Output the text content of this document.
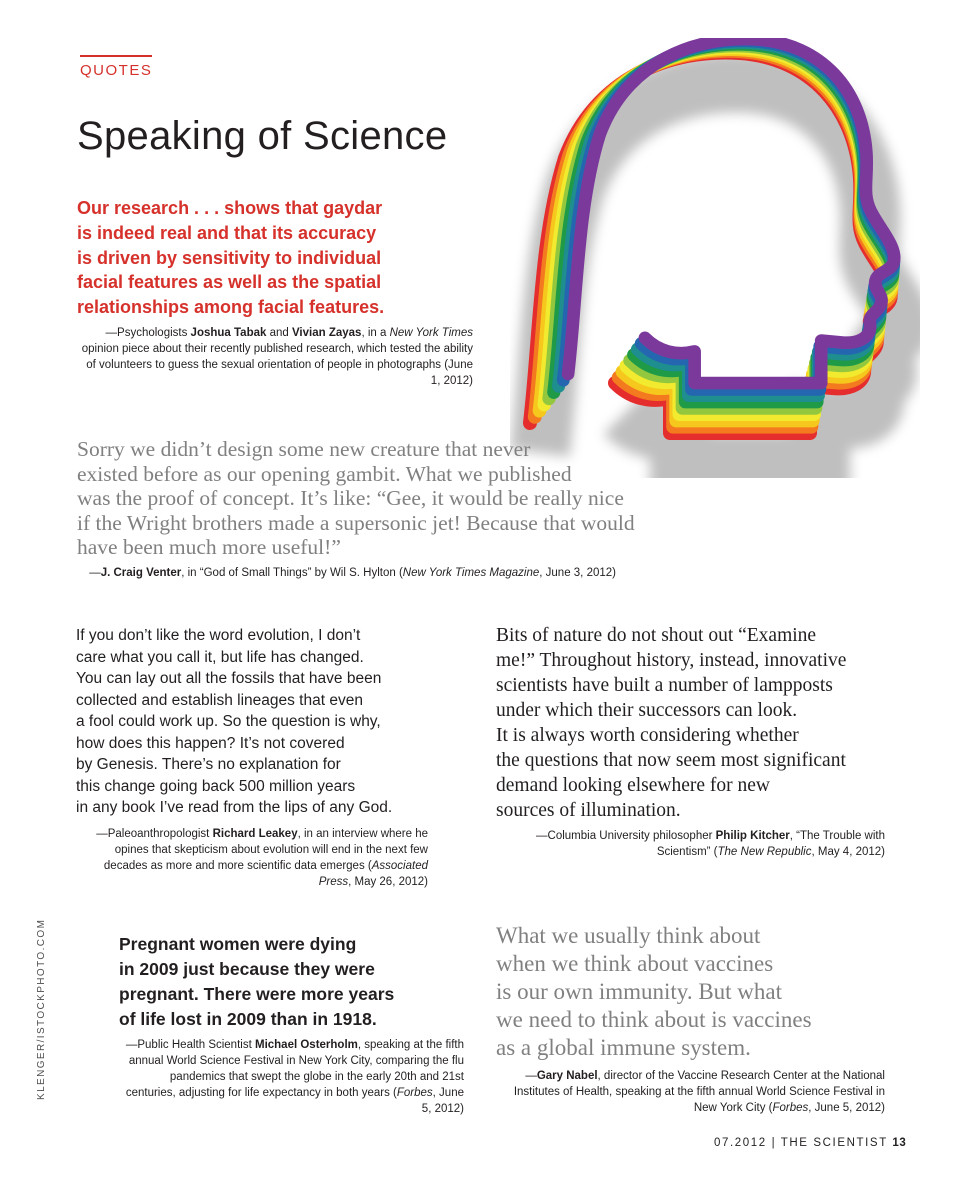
QUOTES
Speaking of Science
Our research . . . shows that gaydar
is indeed real and that its accuracy
is driven by sensitivity to individual
facial features as well as the spatial
relationships among facial features.
—Psychologists Joshua Tabak and Vivian Zayas, in a New York Times opinion piece about their recently published research, which tested the ability of volunteers to guess the sexual orientation of people in photographs (June 1, 2012)
Sorry we didn’t design some new creature that never
existed before as our opening gambit. What we published
was the proof of concept. It’s like: “Gee, it would be really nice
if the Wright brothers made a supersonic jet! Because that would
have been much more useful!”
—J. Craig Venter, in “God of Small Things” by Wil S. Hylton (New York Times Magazine, June 3, 2012)
If you don’t like the word evolution, I don’t
care what you call it, but life has changed.
You can lay out all the fossils that have been
collected and establish lineages that even
a fool could work up. So the question is why,
how does this happen? It’s not covered
by Genesis. There’s no explanation for
this change going back 500 million years
in any book I’ve read from the lips of any God.
—Paleoanthropologist Richard Leakey, in an interview where he opines that skepticism about evolution will end in the next few decades as more and more scientific data emerges (Associated Press, May 26, 2012)
Bits of nature do not shout out “Examine
me!” Throughout history, instead, innovative
scientists have built a number of lampposts
under which their successors can look.
It is always worth considering whether
the questions that now seem most significant
demand looking elsewhere for new
sources of illumination.
—Columbia University philosopher Philip Kitcher, “The Trouble with Scientism” (The New Republic, May 4, 2012)
Pregnant women were dying
in 2009 just because they were
pregnant. There were more years
of life lost in 2009 than in 1918.
—Public Health Scientist Michael Osterholm, speaking at the fifth annual World Science Festival in New York City, comparing the flu pandemics that swept the globe in the early 20th and 21st centuries, adjusting for life expectancy in both years (Forbes, June 5, 2012)
What we usually think about
when we think about vaccines
is our own immunity. But what
we need to think about is vaccines
as a global immune system.
—Gary Nabel, director of the Vaccine Research Center at the National Institutes of Health, speaking at the fifth annual World Science Festival in New York City (Forbes, June 5, 2012)
KLENGER/ISTOCKPHOTO.COM
07.2012 | THE SCIENTIST 13
